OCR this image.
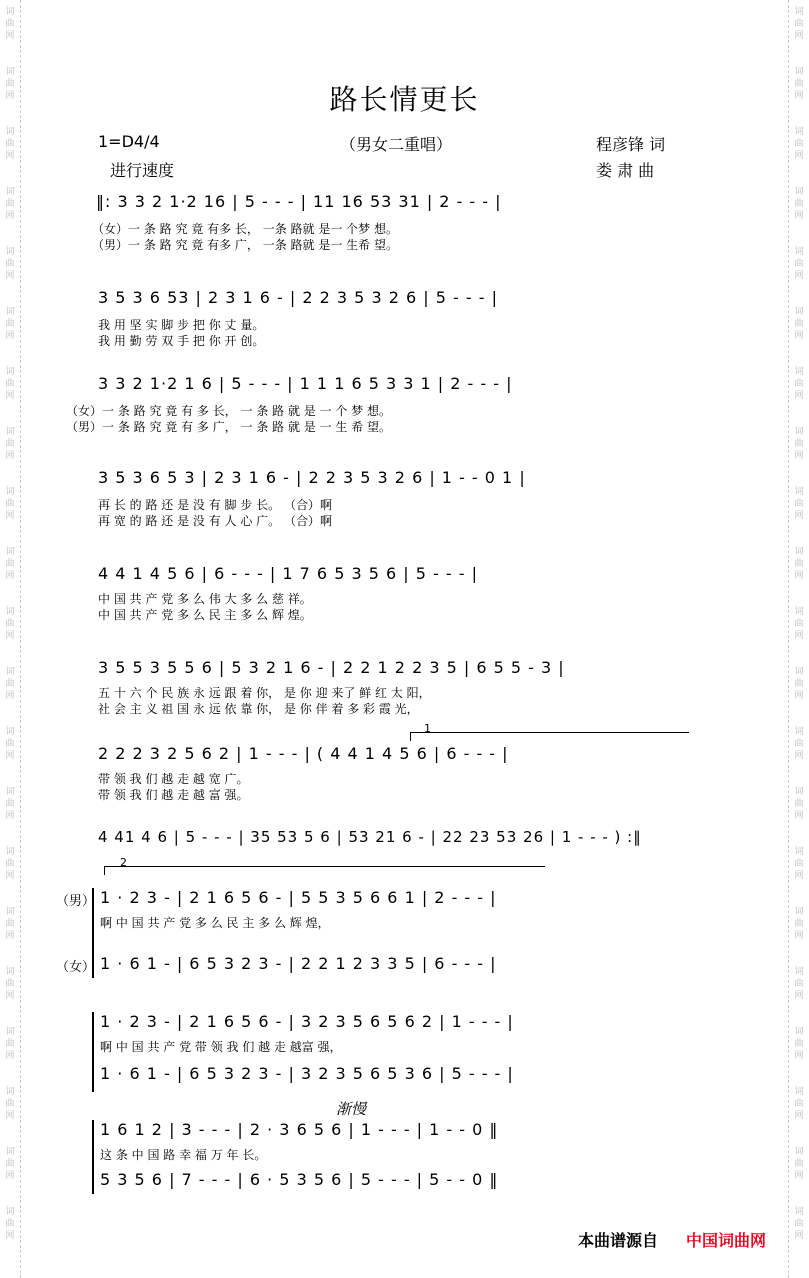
路长情更长
1=D4/4	（男女二重唱）
进行速度
程彦锋 词
娄 肃 曲
‖: 3 3 2 1·2 16 | 5 - - - | 11 16 53 31 | 2 - - - |
（女）一 条 路 究 竟 有多 长， 一条 路就 是一 个梦 想。
（男）一 条 路 究 竟 有多 广， 一条 路就 是一 生希 望。
3 5 3 6 53 | 2 3 1 6 - | 2 2 3 5 3 2 6 | 5 - - - |
我 用 坚 实 脚 步 把 你 丈 量。
我 用 勤 劳 双 手 把 你 开 创。
3 3 2 1·2 1 6 | 5 - - - | 1 1 1 6 5 3 3 1 | 2 - - - |
（女）一 条 路 究 竟 有 多 长， 一 条 路 就 是 一 个 梦 想。
（男）一 条 路 究 竟 有 多 广， 一 条 路 就 是 一 生 希 望。
3 5 3 6 5 3 | 2 3 1 6 - | 2 2 3 5 3 2 6 | 1 - - 0 1 |
再 长 的 路 还 是 没 有 脚 步 长。 （合）啊
再 宽 的 路 还 是 没 有 人 心 广。 （合）啊
4 4 1 4 5 6 | 6 - - - | 1 7 6 5 3 5 6 | 5 - - - |
中 国 共 产 党 多 么 伟 大 多 么 慈 祥。
中 国 共 产 党 多 么 民 主 多 么 辉 煌。
3 5 5 3 5 5 6 | 5 3 2 1 6 - | 2 2 1 2 2 3 5 | 6 5 5 - 3 |
五 十 六 个 民 族 永 远 跟 着 你， 是 你 迎 来了 鲜 红 太 阳，
社 会 主 义 祖 国 永 远 依 靠 你， 是 你 伴 着 多 彩 霞 光，
1
2 2 2 3 2 5 6 2 | 1 - - - | ( 4 4 1 4 5 6 | 6 - - - |
带 领 我 们 越 走 越 宽 广。
带 领 我 们 越 走 越 富 强。
4 41 4 6 | 5 - - - | 35 53 5 6 | 53 21 6 - | 22 23 53 26 | 1 - - - ) :‖
2
（男） 1 · 2 3 - | 2 1 6 5 6 - | 5 5 3 5 6 6 1 | 2 - - - |
啊 中 国 共 产 党 多 么 民 主 多 么 辉 煌，
（女） 1 · 6 1 - | 6 5 3 2 3 - | 2 2 1 2 3 3 5 | 6 - - - |
1 · 2 3 - | 2 1 6 5 6 - | 3 2 3 5 6 5 6 2 | 1 - - - |
啊 中 国 共 产 党 带 领 我 们 越 走 越富 强，
1 · 6 1 - | 6 5 3 2 3 - | 3 2 3 5 6 5 3 6 | 5 - - - |
渐慢
1 6 1 2 | 3 - - - | 2 · 3 6 5 6 | 1 - - - | 1 - - 0 ‖
这 条 中 国 路 幸 福 万 年 长。
5 3 5 6 | 7 - - - | 6 · 5 3 5 6 | 5 - - - | 5 - - 0 ‖
本曲谱源自 中国词曲网
词
曲
网
词
曲
网
词
曲
网
词
曲
网
词
曲
网
词
曲
网
词
曲
网
词
曲
网
词
曲
网
词
曲
网
词
曲
网
词
曲
网
词
曲
网
词
曲
网
词
曲
网
词
曲
网
词
曲
网
词
曲
网
词
曲
网
词
曲
网
词
曲
网
词
曲
网
词
曲
网
词
曲
网
词
曲
网
词
曲
网
词
曲
网
词
曲
网
词
曲
网
词
曲
网
词
曲
网
词
曲
网
词
曲
网
词
曲
网
词
曲
网
词
曲
网
词
曲
网
词
曲
网
词
曲
网
词
曲
网
词
曲
网
词
曲
网
